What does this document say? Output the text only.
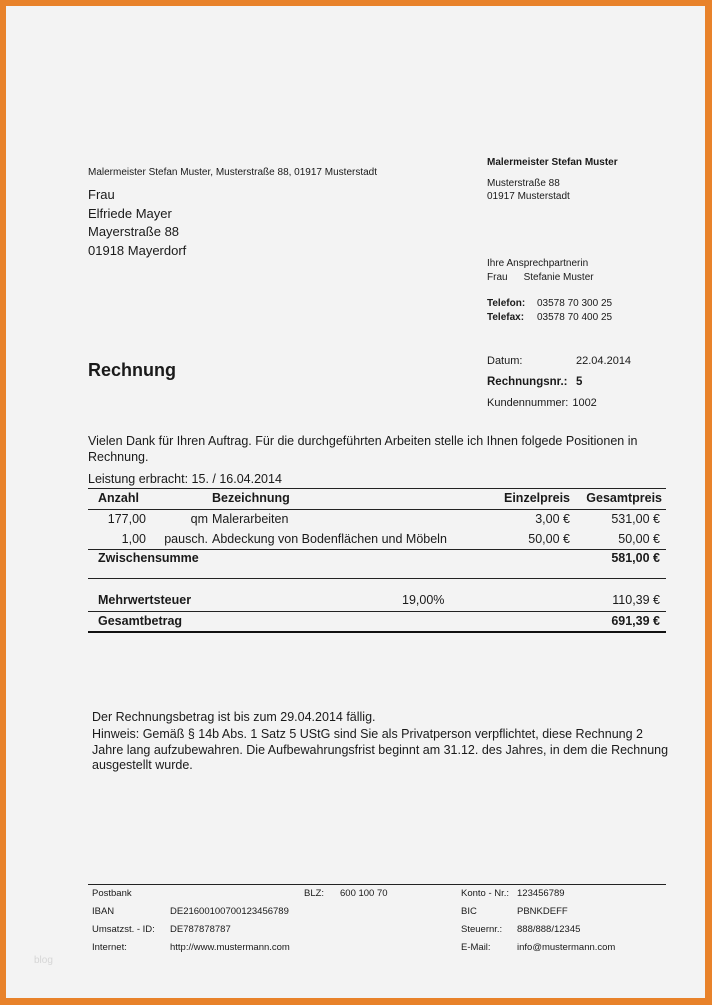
Malermeister Stefan Muster, Musterstraße 88, 01917 Musterstadt
Frau
Elfriede Mayer
Mayerstraße 88
01918 Mayerdorf
Malermeister Stefan Muster
Musterstraße 88
01917 Musterstadt
Ihre Ansprechpartnerin
Frau Stefanie Muster
Telefon: 03578 70 300 25
Telefax: 03578 70 400 25
Rechnung	Datum:	22.04.2014
Rechnungsnr.: 5
Kundennummer: 1002
Vielen Dank für Ihren Auftrag. Für die durchgeführten Arbeiten stelle ich Ihnen folgede Positionen in Rechnung.
Leistung erbracht: 15. / 16.04.2014
Anzahl	Bezeichnung	Einzelpreis Gesamtpreis
177,00	qm Malerarbeiten	3,00 €	531,00 €
1,00 pausch. Abdeckung von Bodenflächen und Möbeln	50,00 €	50,00 €
Zwischensumme	581,00 €
Mehrwertsteuer	19,00%	110,39 €
Gesamtbetrag	691,39 €
Der Rechnungsbetrag ist bis zum 29.04.2014 fällig.
Hinweis: Gemäß § 14b Abs. 1 Satz 5 UStG sind Sie als Privatperson verpflichtet, diese Rechnung 2 Jahre lang aufzubewahren. Die Aufbewahrungsfrist beginnt am 31.12. des Jahres, in dem die Rechnung ausgestellt wurde.
Postbank	BLZ: 600 100 70	Konto - Nr.: 123456789
IBAN	DE21600100700123456789	BIC	PBNKDEFF
Umsatzst. - ID: DE787878787	Steuernr.: 888/888/12345
Internet:	http://www.mustermann.com	E-Mail:	info@mustermann.com
blog
